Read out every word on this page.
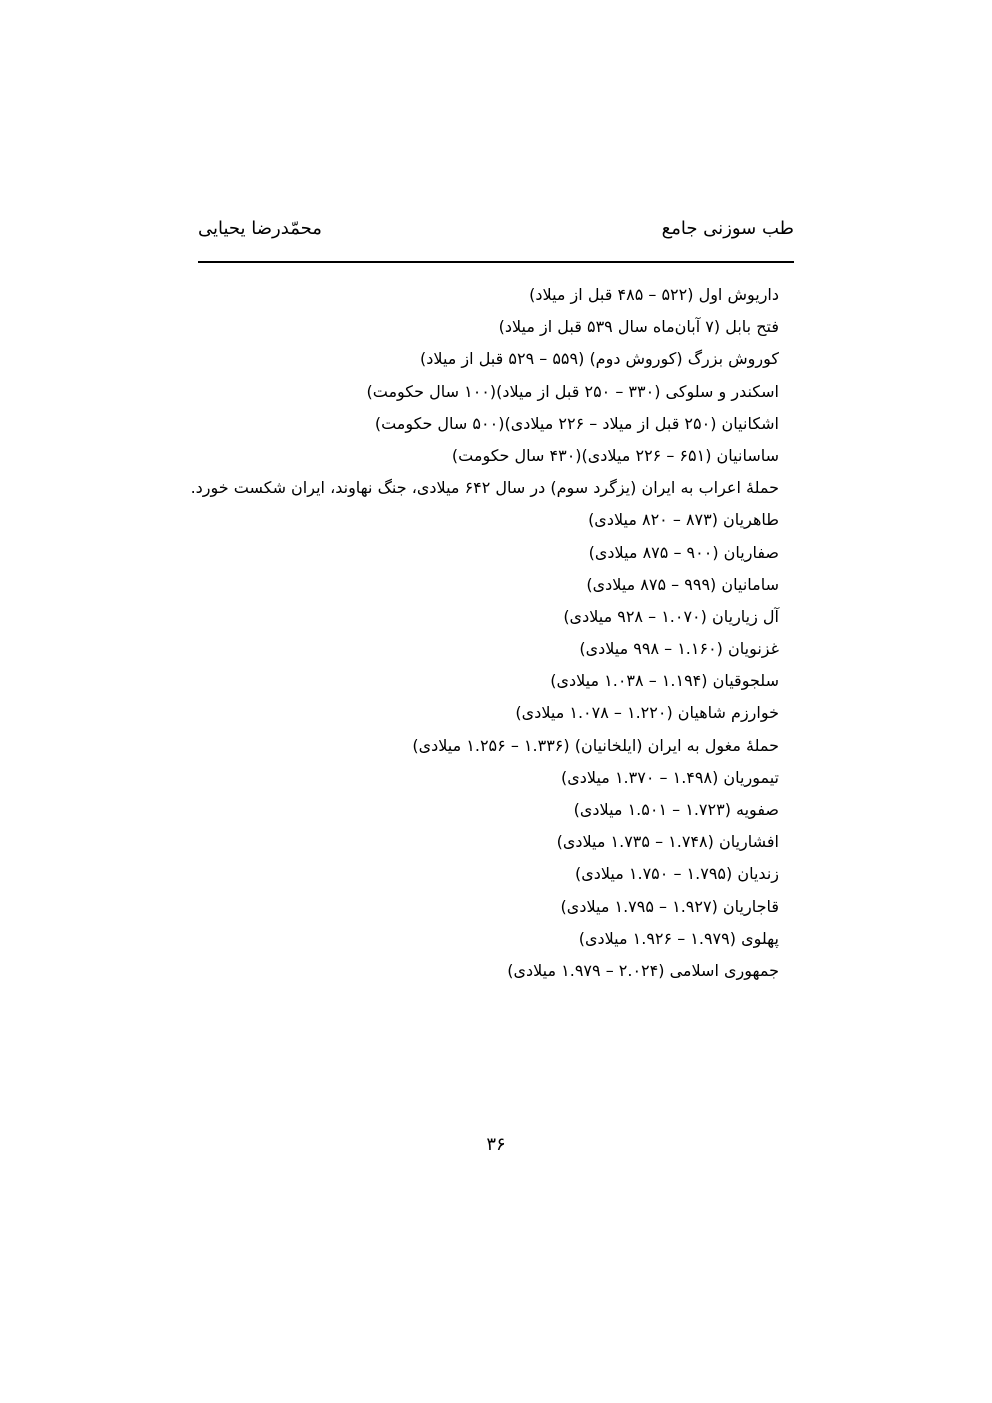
طب سوزنی جامع
محمّدرضا یحیایی
داریوش اول (۵۲۲ – ۴۸۵ قبل از میلاد)
فتح بابل (۷ آبان‌ماه سال ۵۳۹ قبل از میلاد)
کوروش بزرگ (کوروش دوم) (۵۵۹ – ۵۲۹ قبل از میلاد)
اسکندر و سلوکی (۳۳۰ – ۲۵۰ قبل از میلاد)(۱۰۰ سال حکومت)
اشکانیان (۲۵۰ قبل از میلاد – ۲۲۶ میلادی)(۵۰۰ سال حکومت)
ساسانیان (۶۵۱ – ۲۲۶ میلادی)(۴۳۰ سال حکومت)
حملۀ اعراب به ایران (یزگرد سوم) در سال ۶۴۲ میلادی، جنگ نهاوند، ایران شکست خورد.
طاهریان (۸۷۳ – ۸۲۰ میلادی)
صفاریان (۹۰۰ – ۸۷۵ میلادی)
سامانیان (۹۹۹ – ۸۷۵ میلادی)
آل زیاریان (۱.۰۷۰ – ۹۲۸ میلادی)
غزنویان (۱.۱۶۰ – ۹۹۸ میلادی)
سلجوقیان (۱.۱۹۴ – ۱.۰۳۸ میلادی)
خوارزم شاهیان (۱.۲۲۰ – ۱.۰۷۸ میلادی)
حملۀ مغول به ایران (ایلخانیان) (۱.۳۳۶ – ۱.۲۵۶ میلادی)
تیموریان (۱.۴۹۸ – ۱.۳۷۰ میلادی)
صفویه (۱.۷۲۳ – ۱.۵۰۱ میلادی)
افشاریان (۱.۷۴۸ – ۱.۷۳۵ میلادی)
زندیان (۱.۷۹۵ – ۱.۷۵۰ میلادی)
قاجاریان (۱.۹۲۷ – ۱.۷۹۵ میلادی)
پهلوی (۱.۹۷۹ – ۱.۹۲۶ میلادی)
جمهوری اسلامی (۲.۰۲۴ – ۱.۹۷۹ میلادی)
۳۶
